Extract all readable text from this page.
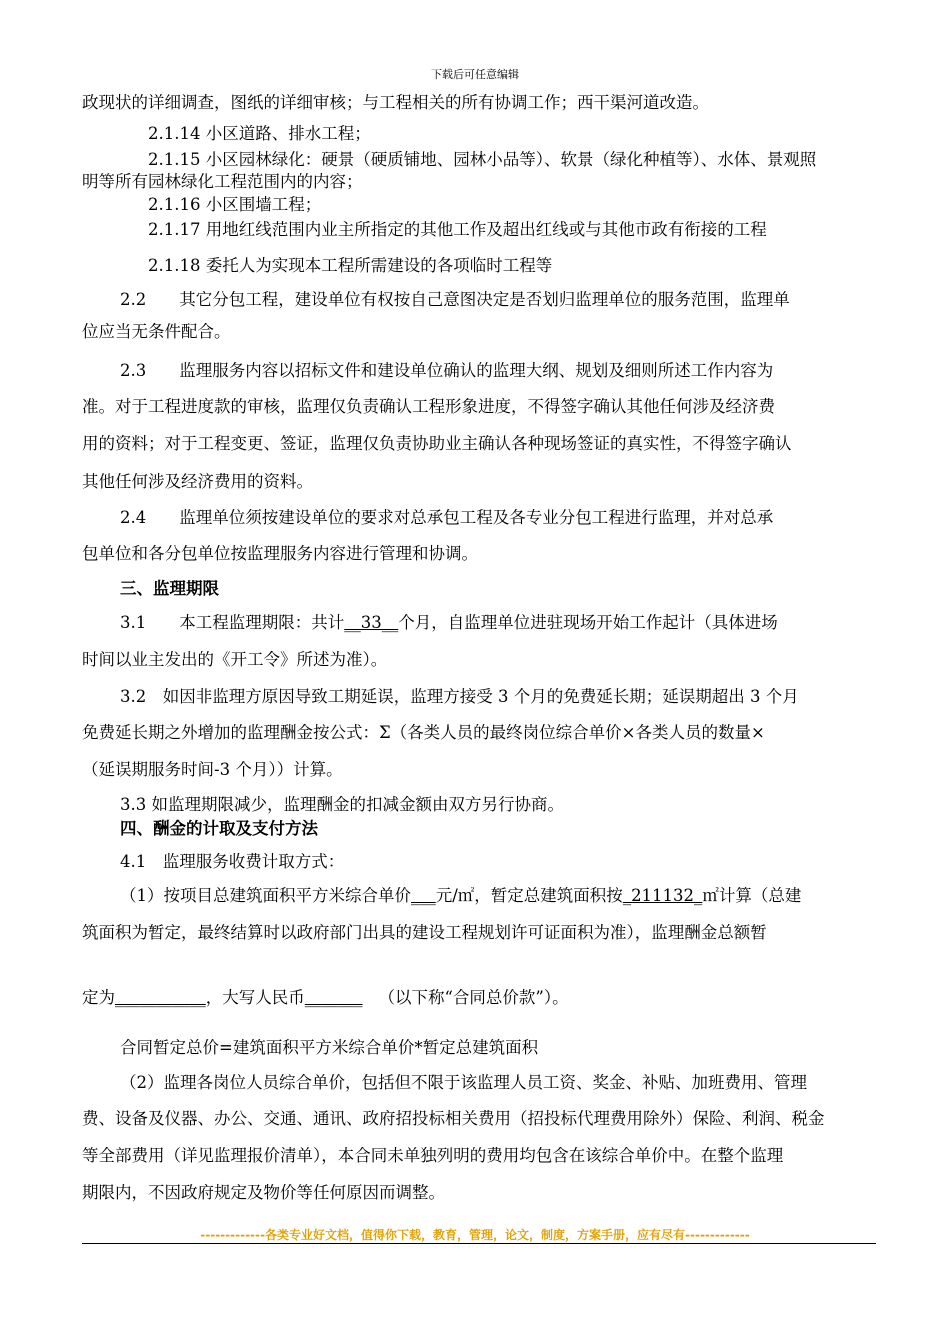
下载后可任意编辑
政现状的详细调查，图纸的详细审核；与工程相关的所有协调工作；西干渠河道改造。
2.1.14 小区道路、排水工程；
2.1.15 小区园林绿化：硬景（硬质铺地、园林小品等）、软景（绿化种植等）、水体、景观照
明等所有园林绿化工程范围内的内容；
2.1.16 小区围墙工程；
2.1.17 用地红线范围内业主所指定的其他工作及超出红线或与其他市政有衔接的工程
2.1.18 委托人为实现本工程所需建设的各项临时工程等
2.2　　其它分包工程，建设单位有权按自己意图决定是否划归监理单位的服务范围，监理单
位应当无条件配合。
2.3　　监理服务内容以招标文件和建设单位确认的监理大纲、规划及细则所述工作内容为
准。对于工程进度款的审核，监理仅负责确认工程形象进度，不得签字确认其他任何涉及经济费
用的资料；对于工程变更、签证，监理仅负责协助业主确认各种现场签证的真实性，不得签字确认
其他任何涉及经济费用的资料。
2.4　　监理单位须按建设单位的要求对总承包工程及各专业分包工程进行监理，并对总承
包单位和各分包单位按监理服务内容进行管理和协调。
三、监理期限
3.1　　本工程监理期限：共计__33__个月，自监理单位进驻现场开始工作起计（具体进场
时间以业主发出的《开工令》所述为准）。
3.2　如因非监理方原因导致工期延误，监理方接受 3 个月的免费延长期；延误期超出 3 个月
免费延长期之外增加的监理酬金按公式：Σ（各类人员的最终岗位综合单价×各类人员的数量×
（延误期服务时间-3 个月））计算。
3.3 如监理期限减少，监理酬金的扣减金额由双方另行协商。
四、酬金的计取及支付方法
4.1　监理服务收费计取方式：
（1）按项目总建筑面积平方米综合单价___元/㎡，暂定总建筑面积按_211132_㎡计算（总建
筑面积为暂定，最终结算时以政府部门出具的建设工程规划许可证面积为准），监理酬金总额暂
定为___________，大写人民币_______ （以下称“合同总价款”）。
合同暂定总价=建筑面积平方米综合单价*暂定总建筑面积
（2）监理各岗位人员综合单价，包括但不限于该监理人员工资、奖金、补贴、加班费用、管理
费、设备及仪器、办公、交通、通讯、政府招投标相关费用（招投标代理费用除外）保险、利润、税金
等全部费用（详见监理报价清单），本合同未单独列明的费用均包含在该综合单价中。在整个监理
期限内，不因政府规定及物价等任何原因而调整。
-------------各类专业好文档，值得你下载，教育，管理，论文，制度，方案手册，应有尽有-------------
